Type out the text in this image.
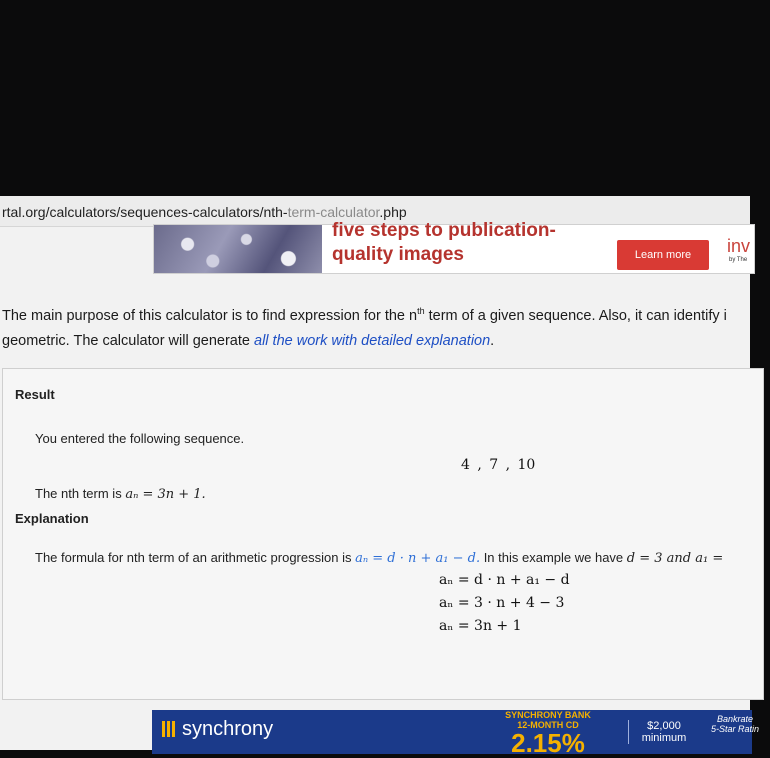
rtal.org/calculators/sequences-calculators/nth-term-calculator.php
five steps to publication-
quality images	Learn more	inv
by The

The main purpose of this calculator is to find expression for the $n^{th}$ term of a given sequence. Also, it can identify i

geometric. The calculator will generate all the work with detailed explanation.

Result
You entered the following sequence.
4 , 7 , 10
The nth term is aₙ = 3n + 1.
Explanation
The formula for nth term of an arithmetic progression is aₙ = d · n + a₁ − d. In this example we have d = 3 and a₁ =
aₙ = d · n + a₁ − d
aₙ = 3 · n + 4 − 3
aₙ = 3n + 1
synchrony
SYNCHRONY BANK
12-MONTH CD
2.15%
$2,000
minimum
Bankrate
5-Star Ratin
